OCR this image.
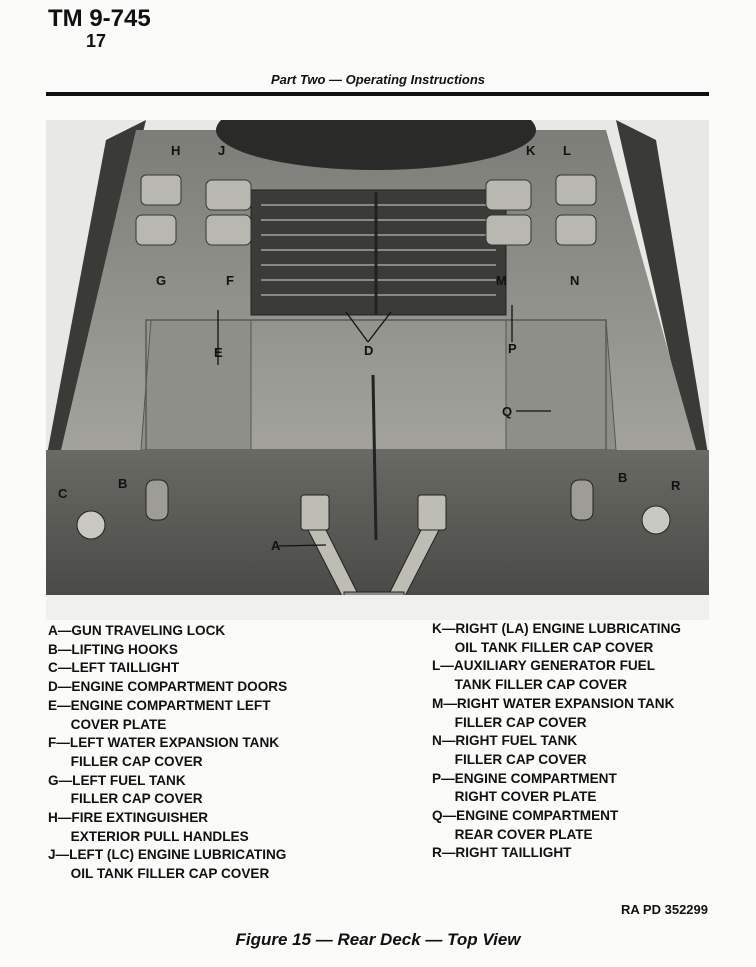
TM 9-745
17
Part Two — Operating Instructions
H	J	K L
G	F	M	N
E	D	P
Q
C
B	B
R
A
A—GUN TRAVELING LOCK
B—LIFTING HOOKS
C—LEFT TAILLIGHT
D—ENGINE COMPARTMENT DOORS
E—ENGINE COMPARTMENT LEFT
COVER PLATE
F—LEFT WATER EXPANSION TANK
FILLER CAP COVER
G—LEFT FUEL TANK
FILLER CAP COVER
H—FIRE EXTINGUISHER
EXTERIOR PULL HANDLES
J—LEFT (LC) ENGINE LUBRICATING
OIL TANK FILLER CAP COVER
K—RIGHT (LA) ENGINE LUBRICATING
OIL TANK FILLER CAP COVER
L—AUXILIARY GENERATOR FUEL
TANK FILLER CAP COVER
M—RIGHT WATER EXPANSION TANK
FILLER CAP COVER
N—RIGHT FUEL TANK
FILLER CAP COVER
P—ENGINE COMPARTMENT
RIGHT COVER PLATE
Q—ENGINE COMPARTMENT
REAR COVER PLATE
R—RIGHT TAILLIGHT
RA PD 352299
Figure 15 — Rear Deck — Top View
